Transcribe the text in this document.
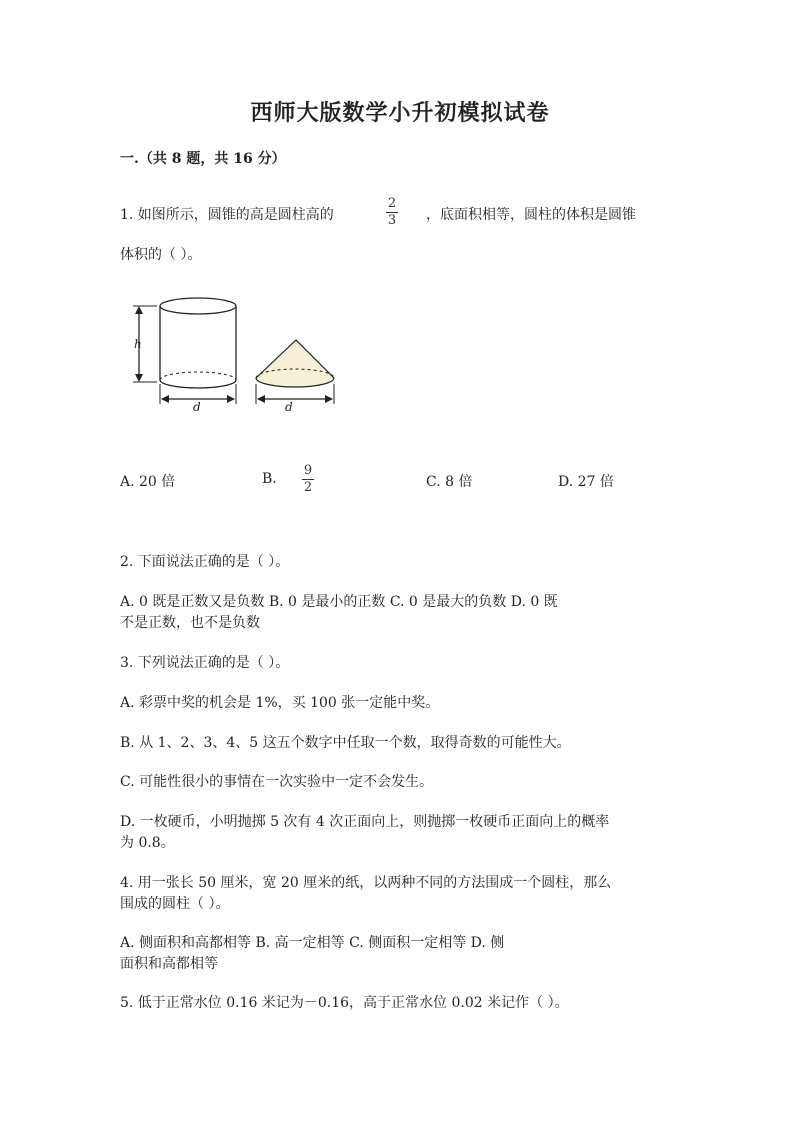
西师大版数学小升初模拟试卷
一.（共 8 题，共 16 分）
1. 如图所示，圆锥的高是圆柱高的
2
3	，底面积相等，圆柱的体积是圆锥
体积的（ ）。
h
d	d
A. 20 倍	B.
9
2	C. 8 倍	D. 27 倍
2. 下面说法正确的是（ ）。
A. 0 既是正数又是负数 B. 0 是最小的正数 C. 0 是最大的负数 D. 0 既
不是正数，也不是负数
3. 下列说法正确的是（ ）。
A. 彩票中奖的机会是 1%，买 100 张一定能中奖。
B. 从 1、2、3、4、5 这五个数字中任取一个数，取得奇数的可能性大。
C. 可能性很小的事情在一次实验中一定不会发生。
D. 一枚硬币，小明抛掷 5 次有 4 次正面向上，则抛掷一枚硬币正面向上的概率
为 0.8。
4. 用一张长 50 厘米，宽 20 厘米的纸，以两种不同的方法围成一个圆柱，那么
围成的圆柱（ ）。
A. 侧面积和高都相等 B. 高一定相等 C. 侧面积一定相等 D. 侧
面积和高都相等
5. 低于正常水位 0.16 米记为－0.16，高于正常水位 0.02 米记作（ ）。
